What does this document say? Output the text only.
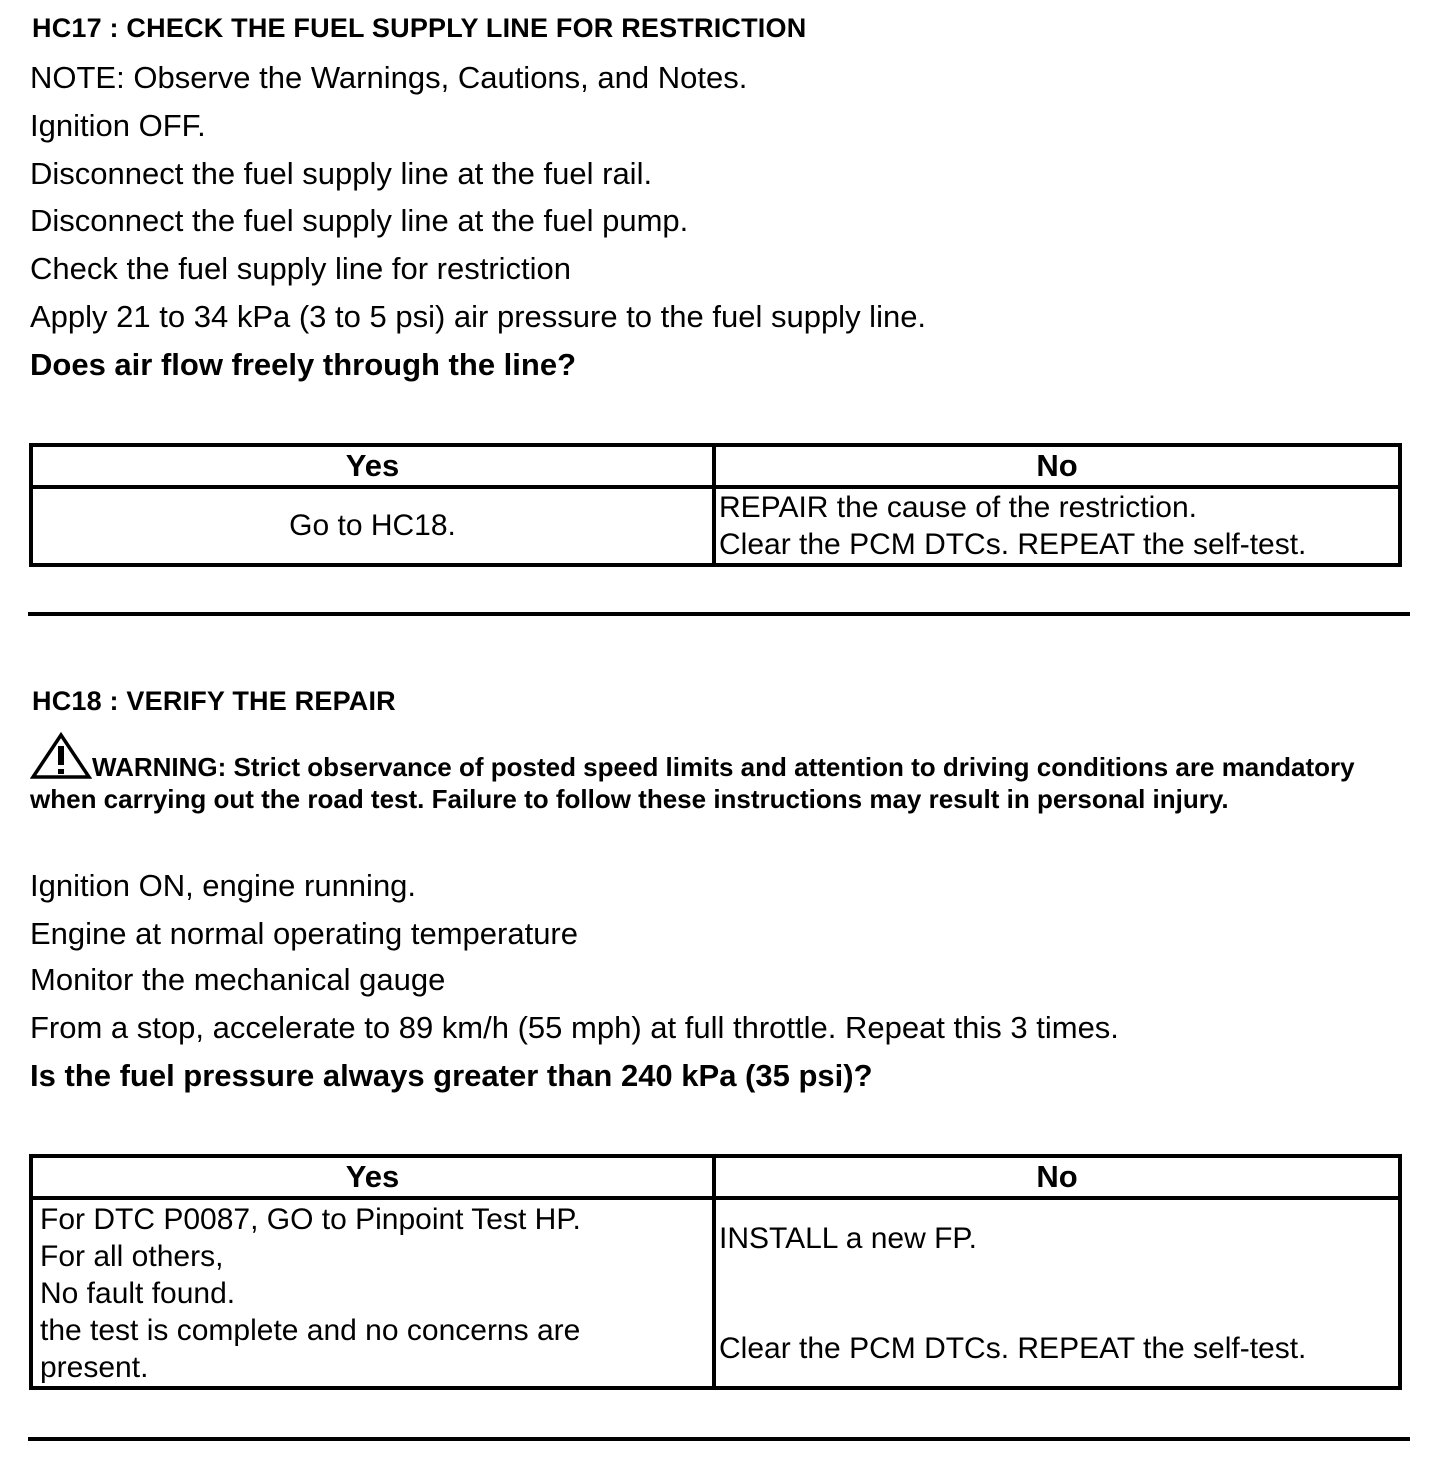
HC17 : CHECK THE FUEL SUPPLY LINE FOR RESTRICTION
NOTE: Observe the Warnings, Cautions, and Notes.
Ignition OFF.
Disconnect the fuel supply line at the fuel rail.
Disconnect the fuel supply line at the fuel pump.
Check the fuel supply line for restriction
Apply 21 to 34 kPa (3 to 5 psi) air pressure to the fuel supply line.
Does air flow freely through the line?
Yes	No
Go to HC18.	REPAIR the cause of the restriction.
Clear the PCM DTCs. REPEAT the self-test.
HC18 : VERIFY THE REPAIR
WARNING: Strict observance of posted speed limits and attention to driving conditions are mandatory when carrying out the road test. Failure to follow these instructions may result in personal injury.
Ignition ON, engine running.
Engine at normal operating temperature
Monitor the mechanical gauge
From a stop, accelerate to 89 km/h (55 mph) at full throttle. Repeat this 3 times.
Is the fuel pressure always greater than 240 kPa (35 psi)?
Yes	No

For DTC P0087, GO to Pinpoint Test HP.
For all others,
No fault found.
the test is complete and no concerns are
present.	INSTALL a new FP.
Clear the PCM DTCs. REPEAT the self-test.
